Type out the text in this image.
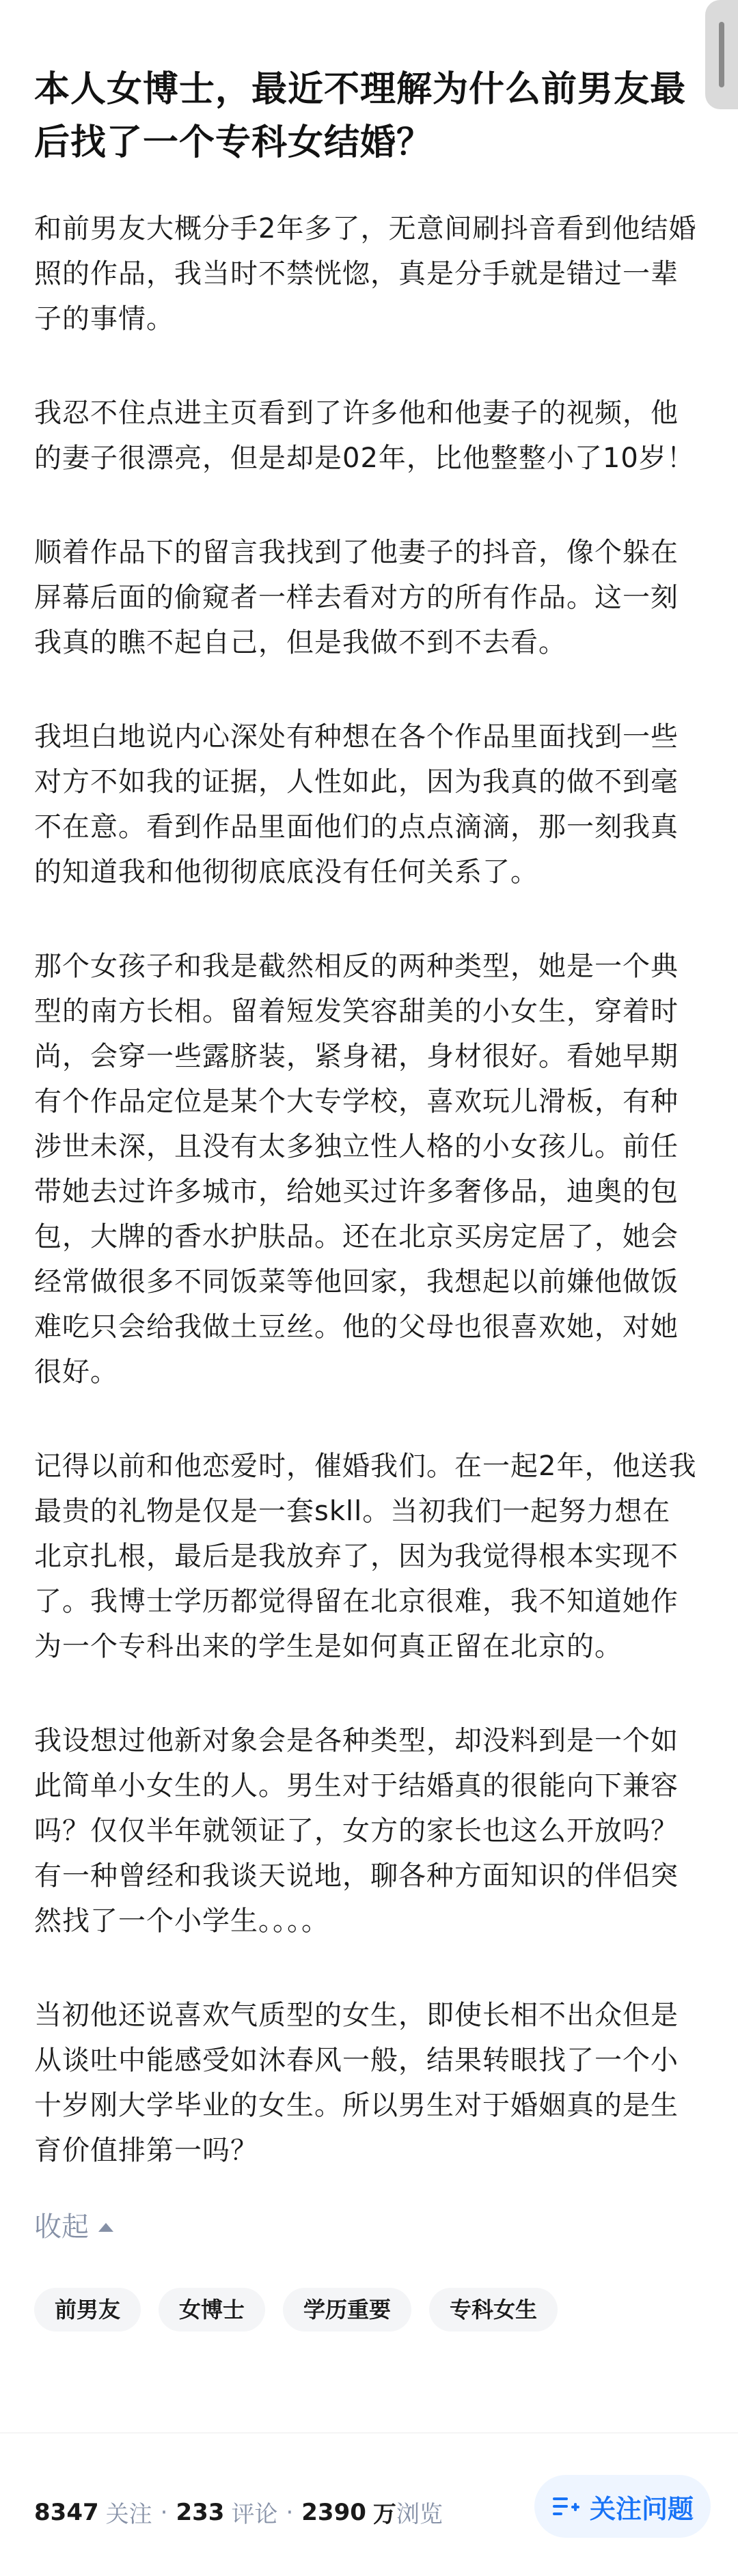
本人女博士，最近不理解为什么前男友最后找了一个专科女结婚？

和前男友大概分手2年多了，无意间刷抖音看到他结婚照的作品，我当时不禁恍惚，真是分手就是错过一辈子的事情。

我忍不住点进主页看到了许多他和他妻子的视频，他的妻子很漂亮，但是却是02年，比他整整小了10岁！

顺着作品下的留言我找到了他妻子的抖音，像个躲在屏幕后面的偷窥者一样去看对方的所有作品。这一刻我真的瞧不起自己，但是我做不到不去看。

我坦白地说内心深处有种想在各个作品里面找到一些对方不如我的证据，人性如此，因为我真的做不到毫不在意。看到作品里面他们的点点滴滴，那一刻我真的知道我和他彻彻底底没有任何关系了。

那个女孩子和我是截然相反的两种类型，她是一个典型的南方长相。留着短发笑容甜美的小女生，穿着时尚，会穿一些露脐装，紧身裙，身材很好。看她早期有个作品定位是某个大专学校，喜欢玩儿滑板，有种涉世未深，且没有太多独立性人格的小女孩儿。前任带她去过许多城市，给她买过许多奢侈品，迪奥的包包，大牌的香水护肤品。还在北京买房定居了，她会经常做很多不同饭菜等他回家，我想起以前嫌他做饭难吃只会给我做土豆丝。他的父母也很喜欢她，对她很好。

记得以前和他恋爱时，催婚我们。在一起2年，他送我最贵的礼物是仅是一套skll。当初我们一起努力想在北京扎根，最后是我放弃了，因为我觉得根本实现不了。我博士学历都觉得留在北京很难，我不知道她作为一个专科出来的学生是如何真正留在北京的。

我设想过他新对象会是各种类型，却没料到是一个如此简单小女生的人。男生对于结婚真的很能向下兼容吗？仅仅半年就领证了，女方的家长也这么开放吗？有一种曾经和我谈天说地，聊各种方面知识的伴侣突然找了一个小学生。。。。

当初他还说喜欢气质型的女生，即使长相不出众但是从谈吐中能感受如沐春风一般，结果转眼找了一个小十岁刚大学毕业的女生。所以男生对于婚姻真的是生育价值排第一吗？

收起
前男友	女博士	学历重要	专科女生
8347 关注 · 233 评论 · 2390 万 浏览	关注问题
